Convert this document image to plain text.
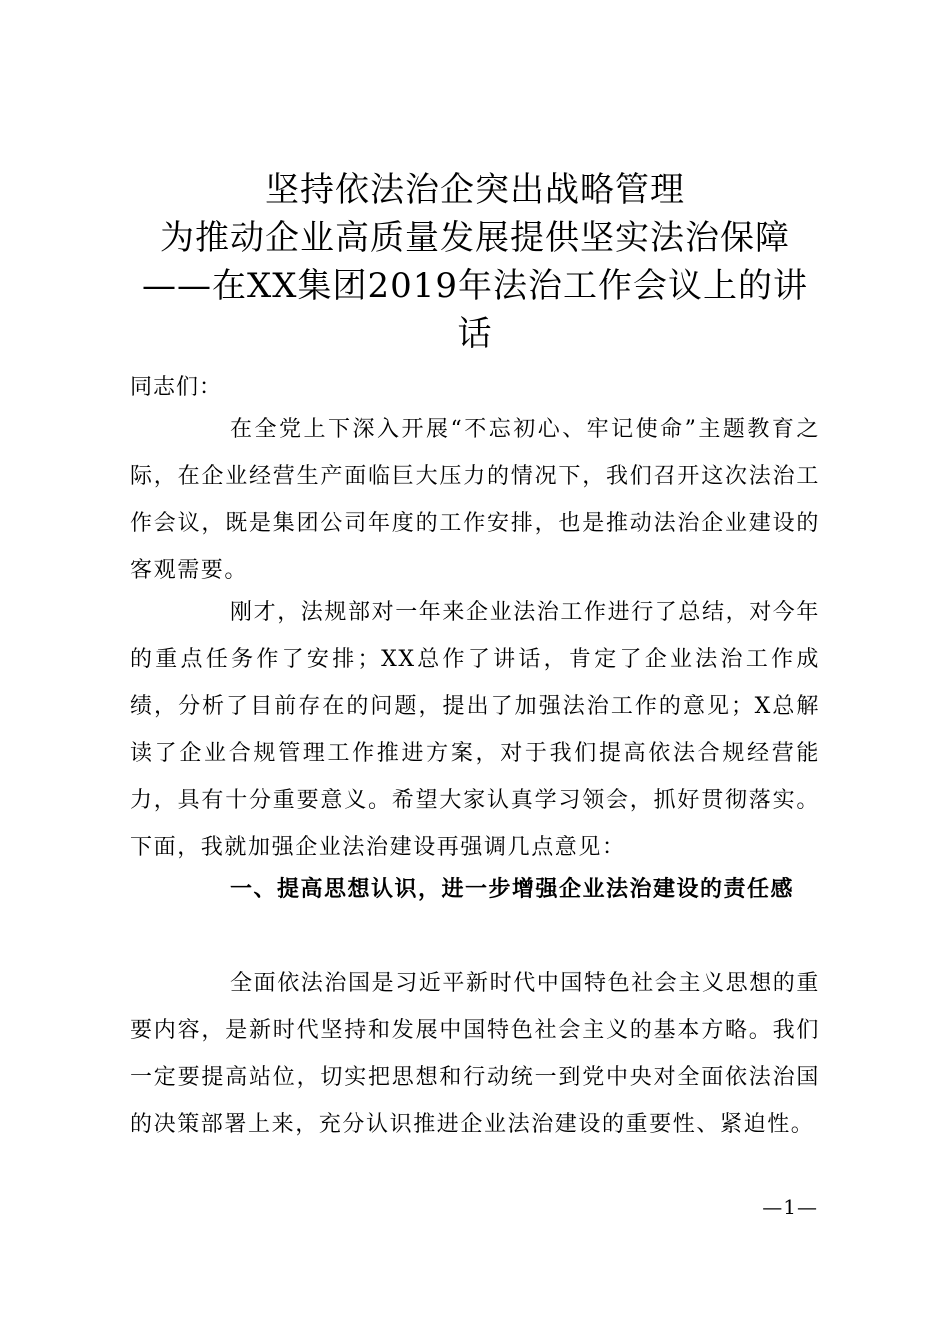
坚持依法治企突出战略管理
为推动企业高质量发展提供坚实法治保障
——在XX集团2019年法治工作会议上的讲
话
同志们：
在全党上下深入开展“不忘初心、牢记使命”主题教育之际，在企业经营生产面临巨大压力的情况下，我们召开这次法治工作会议，既是集团公司年度的工作安排，也是推动法治企业建设的客观需要。
刚才，法规部对一年来企业法治工作进行了总结，对今年的重点任务作了安排；XX总作了讲话，肯定了企业法治工作成绩，分析了目前存在的问题，提出了加强法治工作的意见；X总解读了企业合规管理工作推进方案，对于我们提高依法合规经营能力，具有十分重要意义。希望大家认真学习领会，抓好贯彻落实。下面，我就加强企业法治建设再强调几点意见：
一、提高思想认识，进一步增强企业法治建设的责任感
全面依法治国是习近平新时代中国特色社会主义思想的重要内容，是新时代坚持和发展中国特色社会主义的基本方略。我们一定要提高站位，切实把思想和行动统一到党中央对全面依法治国的决策部署上来，充分认识推进企业法治建设的重要性、紧迫性。
—1—
